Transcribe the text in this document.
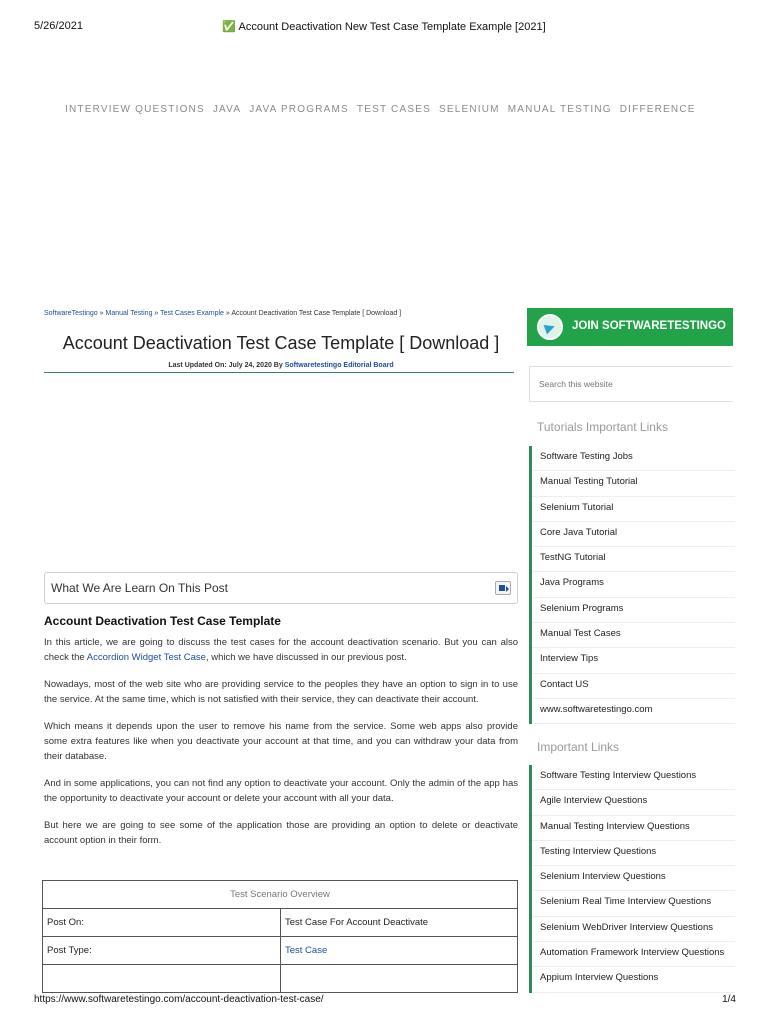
5/26/2021	✅ Account Deactivation New Test Case Template Example [2021]
INTERVIEW QUESTIONS JAVA JAVA PROGRAMS TEST CASES SELENIUM MANUAL TESTING DIFFERENCE
SoftwareTestingo » Manual Testing » Test Cases Example » Account Deactivation Test Case Template [ Download ]
Account Deactivation Test Case Template [ Download ]
Last Updated On: July 24, 2020 By Softwaretestingo Editorial Board
What We Are Learn On This Post
Account Deactivation Test Case Template

In this article, we are going to discuss the test cases for the account deactivation scenario. But you can also check the Accordion Widget Test Case, which we have discussed in our previous post.

Nowadays, most of the web site who are providing service to the peoples they have an option to sign in to use the service. At the same time, which is not satisfied with their service, they can deactivate their account.

Which means it depends upon the user to remove his name from the service. Some web apps also provide some extra features like when you deactivate your account at that time, and you can withdraw your data from their database.

And in some applications, you can not find any option to deactivate your account. Only the admin of the app has the opportunity to deactivate your account or delete your account with all your data.

But here we are going to see some of the application those are providing an option to delete or deactivate account option in their form.

Test Scenario Overview	
Post On:	Test Case For Account Deactivate
Post Type:	Test Case

JOIN SOFTWARETESTINGO
Search this website
Tutorials Important Links
Software Testing Jobs
Manual Testing Tutorial
Selenium Tutorial
Core Java Tutorial
TestNG Tutorial
Java Programs
Selenium Programs
Manual Test Cases
Interview Tips
Contact US
www.softwaretestingo.com
Important Links
Software Testing Interview Questions
Agile Interview Questions
Manual Testing Interview Questions
Testing Interview Questions
Selenium Interview Questions
Selenium Real Time Interview Questions
Selenium WebDriver Interview Questions
Automation Framework Interview Questions
Appium Interview Questions
https://www.softwaretestingo.com/account-deactivation-test-case/	1/4
